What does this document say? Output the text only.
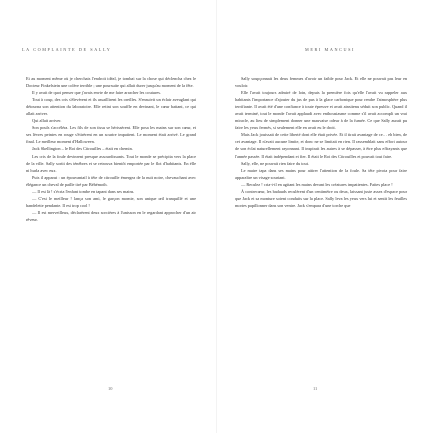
LA COMPLAINTE DE SALLY

Et au moment même où je cherchais l'endroit idéal, je tombai sur la chose qui déclencha chez le Docteur Finkelstein une colère terrible ; une poursuite qui allait durer jusqu'au moment de la fête.

Il y avait de quoi penser que j'avais envie de me faire arracher les coutures.

Tout à coup, des cris s'élevèrent et ils assaillirent les oreilles. S'ensuivit un éclair aveuglant qui détourna son attention du laboratoire. Elle retint son souffle en devinant, le cœur battant, ce qui allait arriver.

Qui allait arriver.

Son pouls s'accéléra. Les fils de son tissu se hérissèrent. Elle posa les mains sur son cœur, et ses lèvres peintes en rouge s'étirèrent en un sourire impatient. Le moment était arrivé. Le grand final. Le meilleur moment d'Halloween.

Jack Skellington – le Roi des Citrouilles – était en chemin.

Les cris de la foule devinrent presque assourdissants. Tout le monde se précipita vers la place de la ville. Sally sortit des ténèbres et se retrouva bientôt emportée par le flot d'habitants. En élle ni hurla avec eux.

Puis il apparut : un épouvantail à tête de citrouille émergea de la nuit noire, chevauchant avec élégance un cheval de paille tiré par Béhémoth.

— Il est là ! s'écria l'enfant tombe en tapant dans ses mains.

— C'est le meilleur ! lança son ami, le garçon momie, son unique œil tranquillé et une bandelette pendante. Il est trop cool !

— Il est merveilleux, déclarèrent deux sorcières à l'unisson en le regardant approcher d'un air rêveur.

10
MERI MANCUSI

Sally soupçonnait les deux femmes d'avoir un faible pour Jack. Et elle ne pouvait pas leur en vouloir.

Elle l'avait toujours admiré de loin, depuis la première fois qu'elle l'avait vu rappeler aux habitants l'importance d'ajouter du jus de pus à la glace carbonique pour rendre l'atmosphère plus terrifiante. Il avait été d'une confiance à toute épreuve et avait ainsitenu séduit son public. Quand il avait terminé, tout le monde l'avait applaudi avec enthousiasme comme s'il avait accompli un vrai miracle, au lieu de simplement donner une mauvaise odeur à de la fumée. Ce que Sally aurait pu faire les yeux fermés, si seulement elle en avait eu le droit.

Mais Jack jouissait de cette liberté dont elle était privée. Et il tirait avantage de ce… eh bien, de cet avantage. Il n'avait aucune limite, et donc ne se limitait en rien. Il rassemblait sans effort autour de son éclat naturellement rayonnant. Il inspirait les autres à se dépasser, à être plus effrayants que l'année passée. Il était indépendant et fier. Il était le Roi des Citrouilles et pouvait tout faire.

Sally, elle, ne pouvait rien faire du tout.

Le maire tapa dans ses mains pour attirer l'attention de la foule. Sa tête pivota pour faire apparaître un visage souriant.

— Reculez ! cria-t-il en agitant les mains devant les créatures impatientes. Faites place !

À contrecœur, les badauds reculèrent d'un centimètre ou deux, laissant juste assez d'espace pour que Jack et sa monture soient conduits sur la place. Sally leva les yeux vers lui et sentit les feuilles mortes papillonner dans son ventre. Jack s'empara d'une torche que

11
